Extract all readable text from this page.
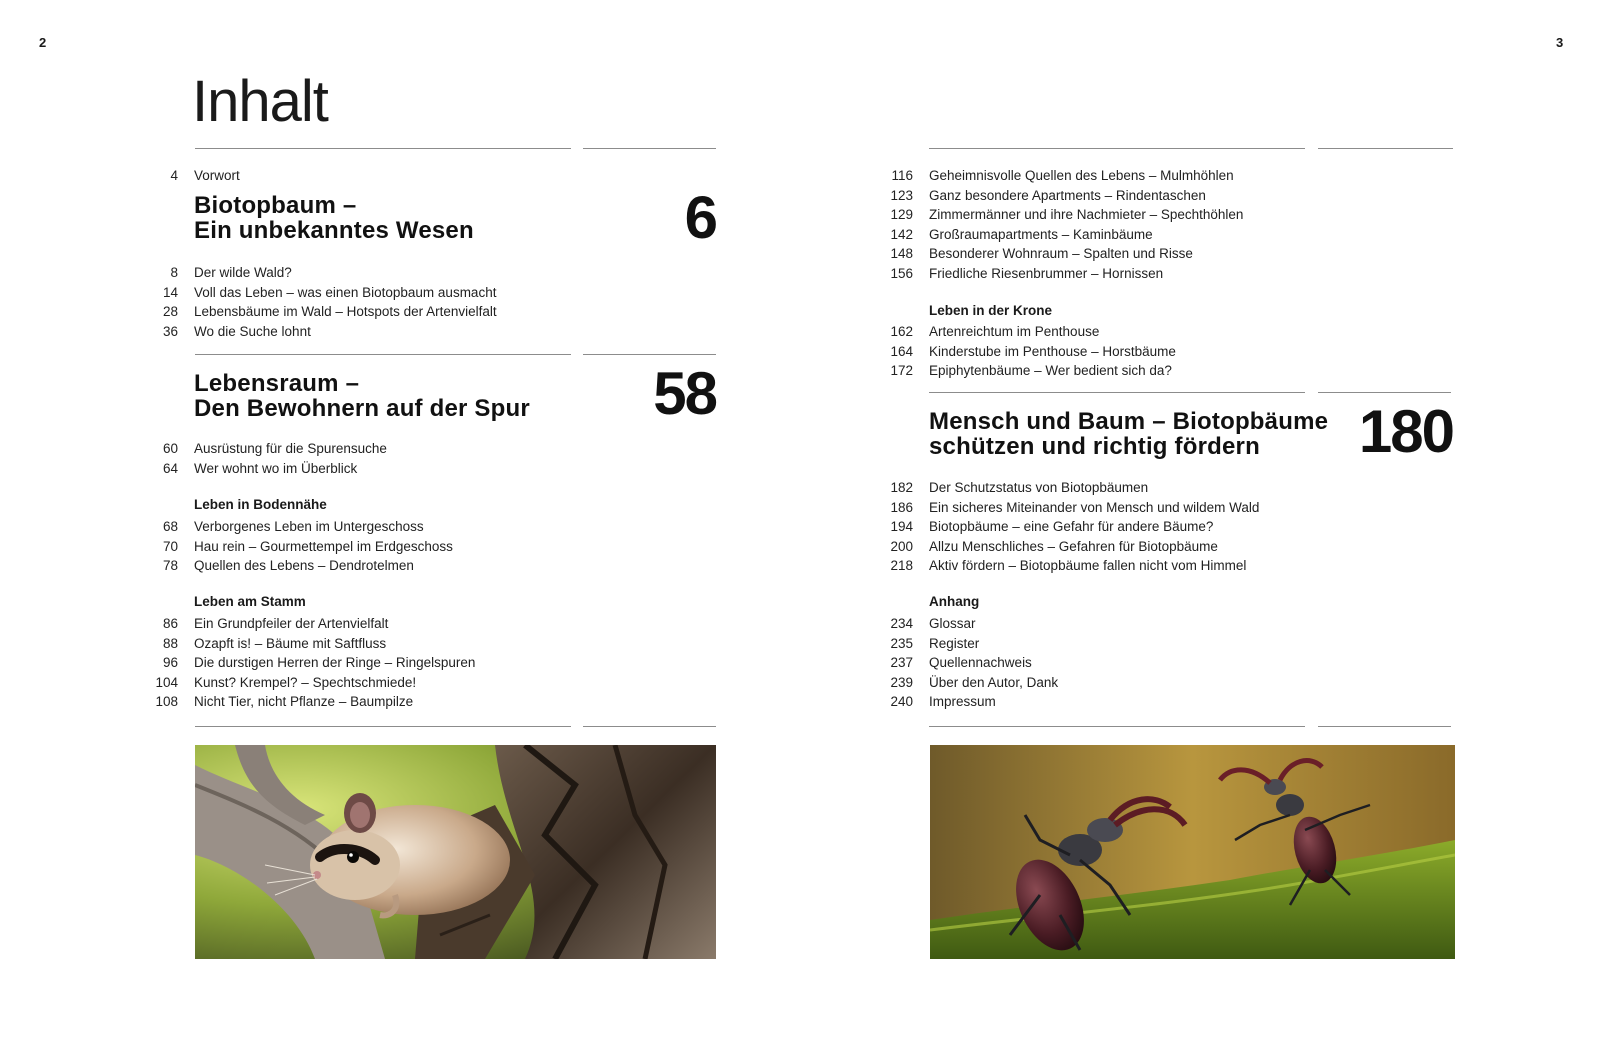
2	3
Inhalt
4 Vorwort
Biotopbaum –
Ein unbekanntes Wesen	6
Lebensraum –
Den Bewohnern auf der Spur	58
Leben in Bodennähe
Leben am Stamm
Leben in der Krone
Mensch und Baum – Biotopbäume
schützen und richtig fördern	180
Anhang
8 Der wilde Wald?
14 Voll das Leben – was einen Biotopbaum ausmacht
28 Lebensbäume im Wald – Hotspots der Artenvielfalt
36 Wo die Suche lohnt
60 Ausrüstung für die Spurensuche
64 Wer wohnt wo im Überblick
68 Verborgenes Leben im Untergeschoss
70 Hau rein – Gourmettempel im Erdgeschoss
78 Quellen des Lebens – Dendrotelmen
86 Ein Grundpfeiler der Artenvielfalt
88 Ozapft is! – Bäume mit Saftfluss
96 Die durstigen Herren der Ringe – Ringelspuren
104 Kunst? Krempel? – Spechtschmiede!
108 Nicht Tier, nicht Pflanze – Baumpilze
116 Geheimnisvolle Quellen des Lebens – Mulmhöhlen
123 Ganz besondere Apartments – Rindentaschen
129 Zimmermänner und ihre Nachmieter – Spechthöhlen
142 Großraumapartments – Kaminbäume
148 Besonderer Wohnraum – Spalten und Risse
156 Friedliche Riesenbrummer – Hornissen
162 Artenreichtum im Penthouse
164 Kinderstube im Penthouse – Horstbäume
172 Epiphytenbäume – Wer bedient sich da?
182 Der Schutzstatus von Biotopbäumen
186 Ein sicheres Miteinander von Mensch und wildem Wald
194 Biotopbäume – eine Gefahr für andere Bäume?
200 Allzu Menschliches – Gefahren für Biotopbäume
218 Aktiv fördern – Biotopbäume fallen nicht vom Himmel
234 Glossar
235 Register
237 Quellennachweis
239 Über den Autor, Dank
240 Impressum
